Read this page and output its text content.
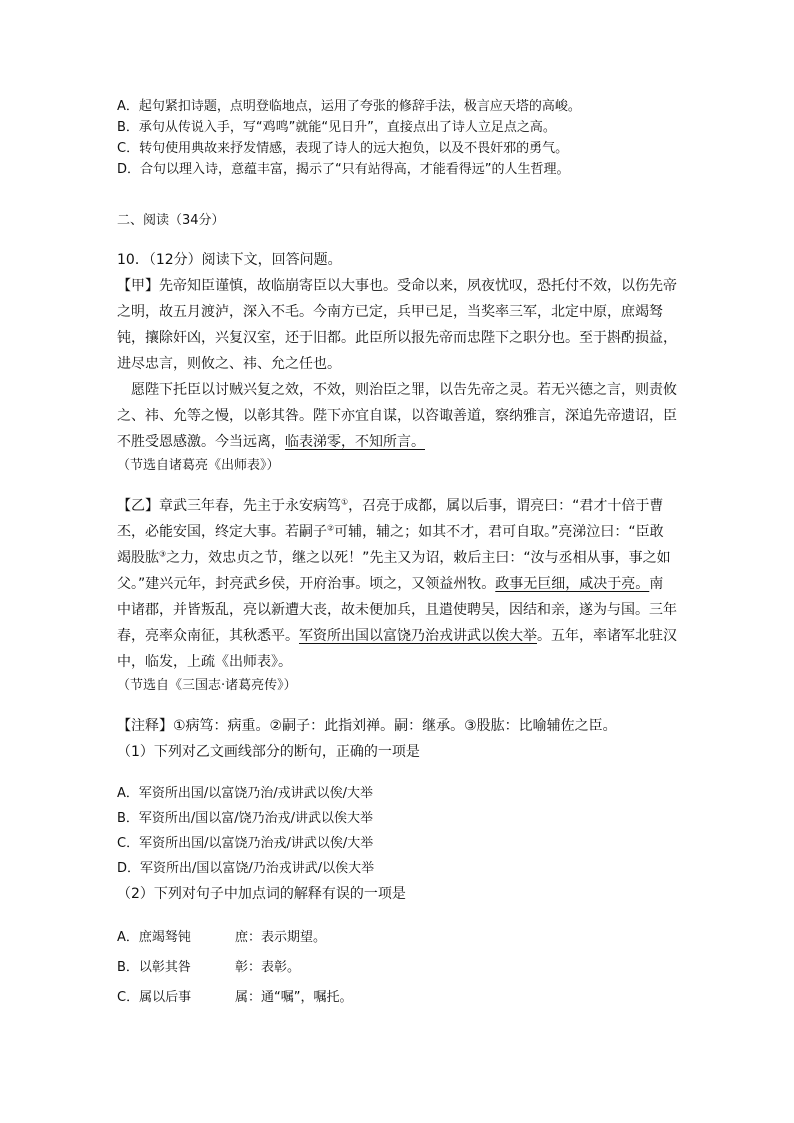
A．起句紧扣诗题，点明登临地点，运用了夸张的修辞手法，极言应天塔的高峻。
B．承句从传说入手，写“鸡鸣”就能“见日升”，直接点出了诗人立足点之高。
C．转句使用典故来抒发情感，表现了诗人的远大抱负，以及不畏奸邪的勇气。
D．合句以理入诗，意蕴丰富，揭示了“只有站得高，才能看得远”的人生哲理。
二、阅读（34分）
10．（12分）阅读下文，回答问题。
【甲】先帝知臣谨慎，故临崩寄臣以大事也。受命以来，夙夜忧叹，恐托付不效，以伤先帝之明，故五月渡泸，深入不毛。今南方已定，兵甲已足，当奖率三军，北定中原，庶竭驽钝，攘除奸凶，兴复汉室，还于旧都。此臣所以报先帝而忠陛下之职分也。至于斟酌损益，进尽忠言，则攸之、祎、允之任也。
愿陛下托臣以讨贼兴复之效，不效，则治臣之罪，以告先帝之灵。若无兴德之言，则责攸之、祎、允等之慢，以彰其咎。陛下亦宜自谋，以咨诹善道，察纳雅言，深追先帝遗诏，臣不胜受恩感激。今当远离，临表涕零，不知所言。
（节选自诸葛亮《出师表》）
【乙】章武三年春，先主于永安病笃①，召亮于成都，属以后事，谓亮曰：“君才十倍于曹丕，必能安国，终定大事。若嗣子②可辅，辅之；如其不才，君可自取。”亮涕泣曰：“臣敢竭股肱③之力，效忠贞之节，继之以死！”先主又为诏，敕后主曰：“汝与丞相从事，事之如父。”建兴元年，封亮武乡侯，开府治事。顷之，又领益州牧。政事无巨细，咸决于亮。南中诸郡，并皆叛乱，亮以新遭大丧，故未便加兵，且遣使聘吴，因结和亲，遂为与国。三年春，亮率众南征，其秋悉平。军资所出国以富饶乃治戎讲武以俟大举。五年，率诸军北驻汉中，临发，上疏《出师表》。
（节选自《三国志·诸葛亮传》）
【注释】①病笃：病重。②嗣子：此指刘禅。嗣：继承。③股肱：比喻辅佐之臣。
（1）下列对乙文画线部分的断句，正确的一项是
A．军资所出国/以富饶乃治/戎讲武以俟/大举
B．军资所出/国以富/饶乃治戎/讲武以俟大举
C．军资所出国/以富饶乃治戎/讲武以俟/大举
D．军资所出/国以富饶/乃治戎讲武/以俟大举
（2）下列对句子中加点词的解释有误的一项是
A．庶竭驽钝	庶：表示期望。
B．以彰其咎	彰：表彰。
C．属以后事	属：通“嘱”，嘱托。
